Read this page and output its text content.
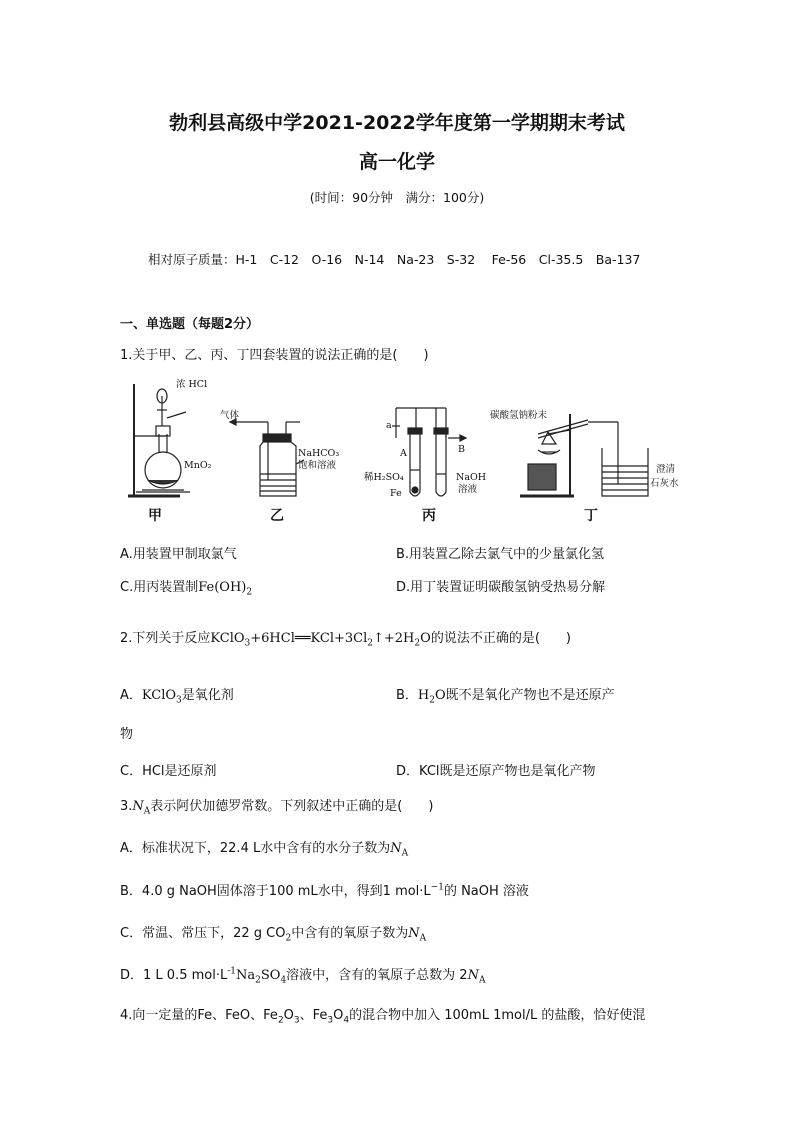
勃利县高级中学2021-2022学年度第一学期期末考试
高一化学
(时间：90分钟　满分：100分)
相对原子质量：H-1　C-12　O-16　N-14　Na-23　S-32　 Fe-56　Cl-35.5　Ba-137
一、单选题（每题2分）
1.关于甲、乙、丙、丁四套装置的说法正确的是(　　)
浓 HCl
MnO₂
气体
NaHCO₃
饱和溶液
a
A	B
稀H₂SO₄
Fe
NaOH
溶液
碳酸氢钠粉末
澄清
石灰水
甲	乙	丙	丁
A.用装置甲制取氯气	B.用装置乙除去氯气中的少量氯化氢
C.用丙装置制$Fe(OH)_2$	D.用丁装置证明碳酸氢钠受热易分解
2.下列关于反应$KClO_3+6HCl══KCl+3Cl_2↑+2H_2O$的说法不正确的是(　　)
A．KClO$_3$是氧化剂	B．$H_2O$既不是氧化产物也不是还原产
物
C．HCl是还原剂	D．KCl既是还原产物也是氧化产物
$3.N_A$表示阿伏加德罗常数。下列叙述中正确的是(　　)
A．标准状况下，22.4 L水中含有的水分子数为$N_A$
B．4.0 g NaOH固体溶于100 mL水中，得到1 $mol\cdot L^{-1}$的 NaOH 溶液
C．常温、常压下，22 g $CO_2$中含有的氧原子数为$N_A$
D．1 L 0.5 $mol\cdot L^{-1}Na_2SO_4$溶液中，含有的氧原子总数为 $2N_A$
4.向一定量的Fe、FeO、$Fe_2O_3$、$Fe_3O_4$的混合物中加入 100mL 1mol/L 的盐酸，恰好使混
